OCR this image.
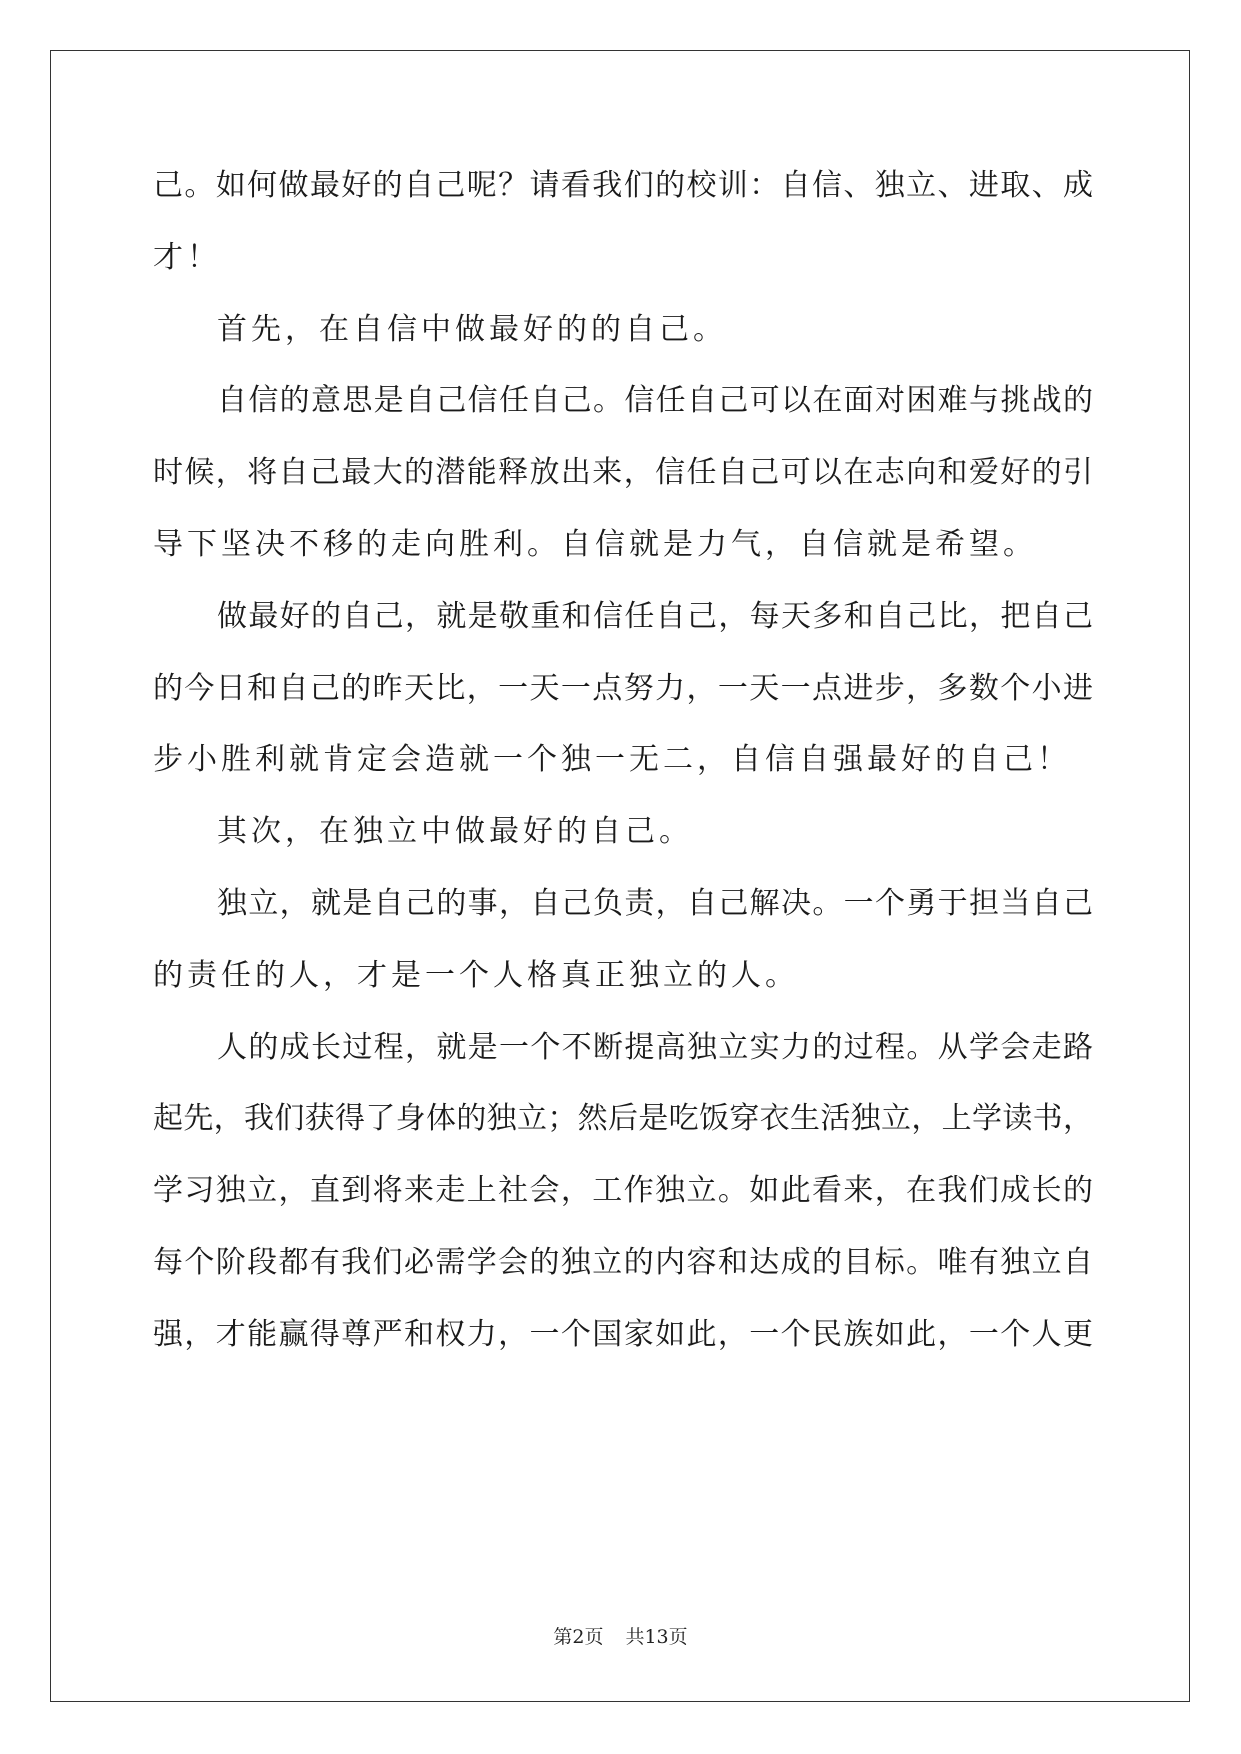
己。如何做最好的自己呢？请看我们的校训：自信、独立、进取、成
才！
首先，在自信中做最好的的自己。
自信的意思是自己信任自己。信任自己可以在面对困难与挑战的
时候，将自己最大的潜能释放出来，信任自己可以在志向和爱好的引
导下坚决不移的走向胜利。自信就是力气，自信就是希望。
做最好的自己，就是敬重和信任自己，每天多和自己比，把自己
的今日和自己的昨天比，一天一点努力，一天一点进步，多数个小进
步小胜利就肯定会造就一个独一无二，自信自强最好的自己！
其次，在独立中做最好的自己。
独立，就是自己的事，自己负责，自己解决。一个勇于担当自己
的责任的人，才是一个人格真正独立的人。
人的成长过程，就是一个不断提高独立实力的过程。从学会走路
起先，我们获得了身体的独立；然后是吃饭穿衣生活独立，上学读书，
学习独立，直到将来走上社会，工作独立。如此看来，在我们成长的
每个阶段都有我们必需学会的独立的内容和达成的目标。唯有独立自
强，才能赢得尊严和权力，一个国家如此，一个民族如此，一个人更
第2页 共13页
